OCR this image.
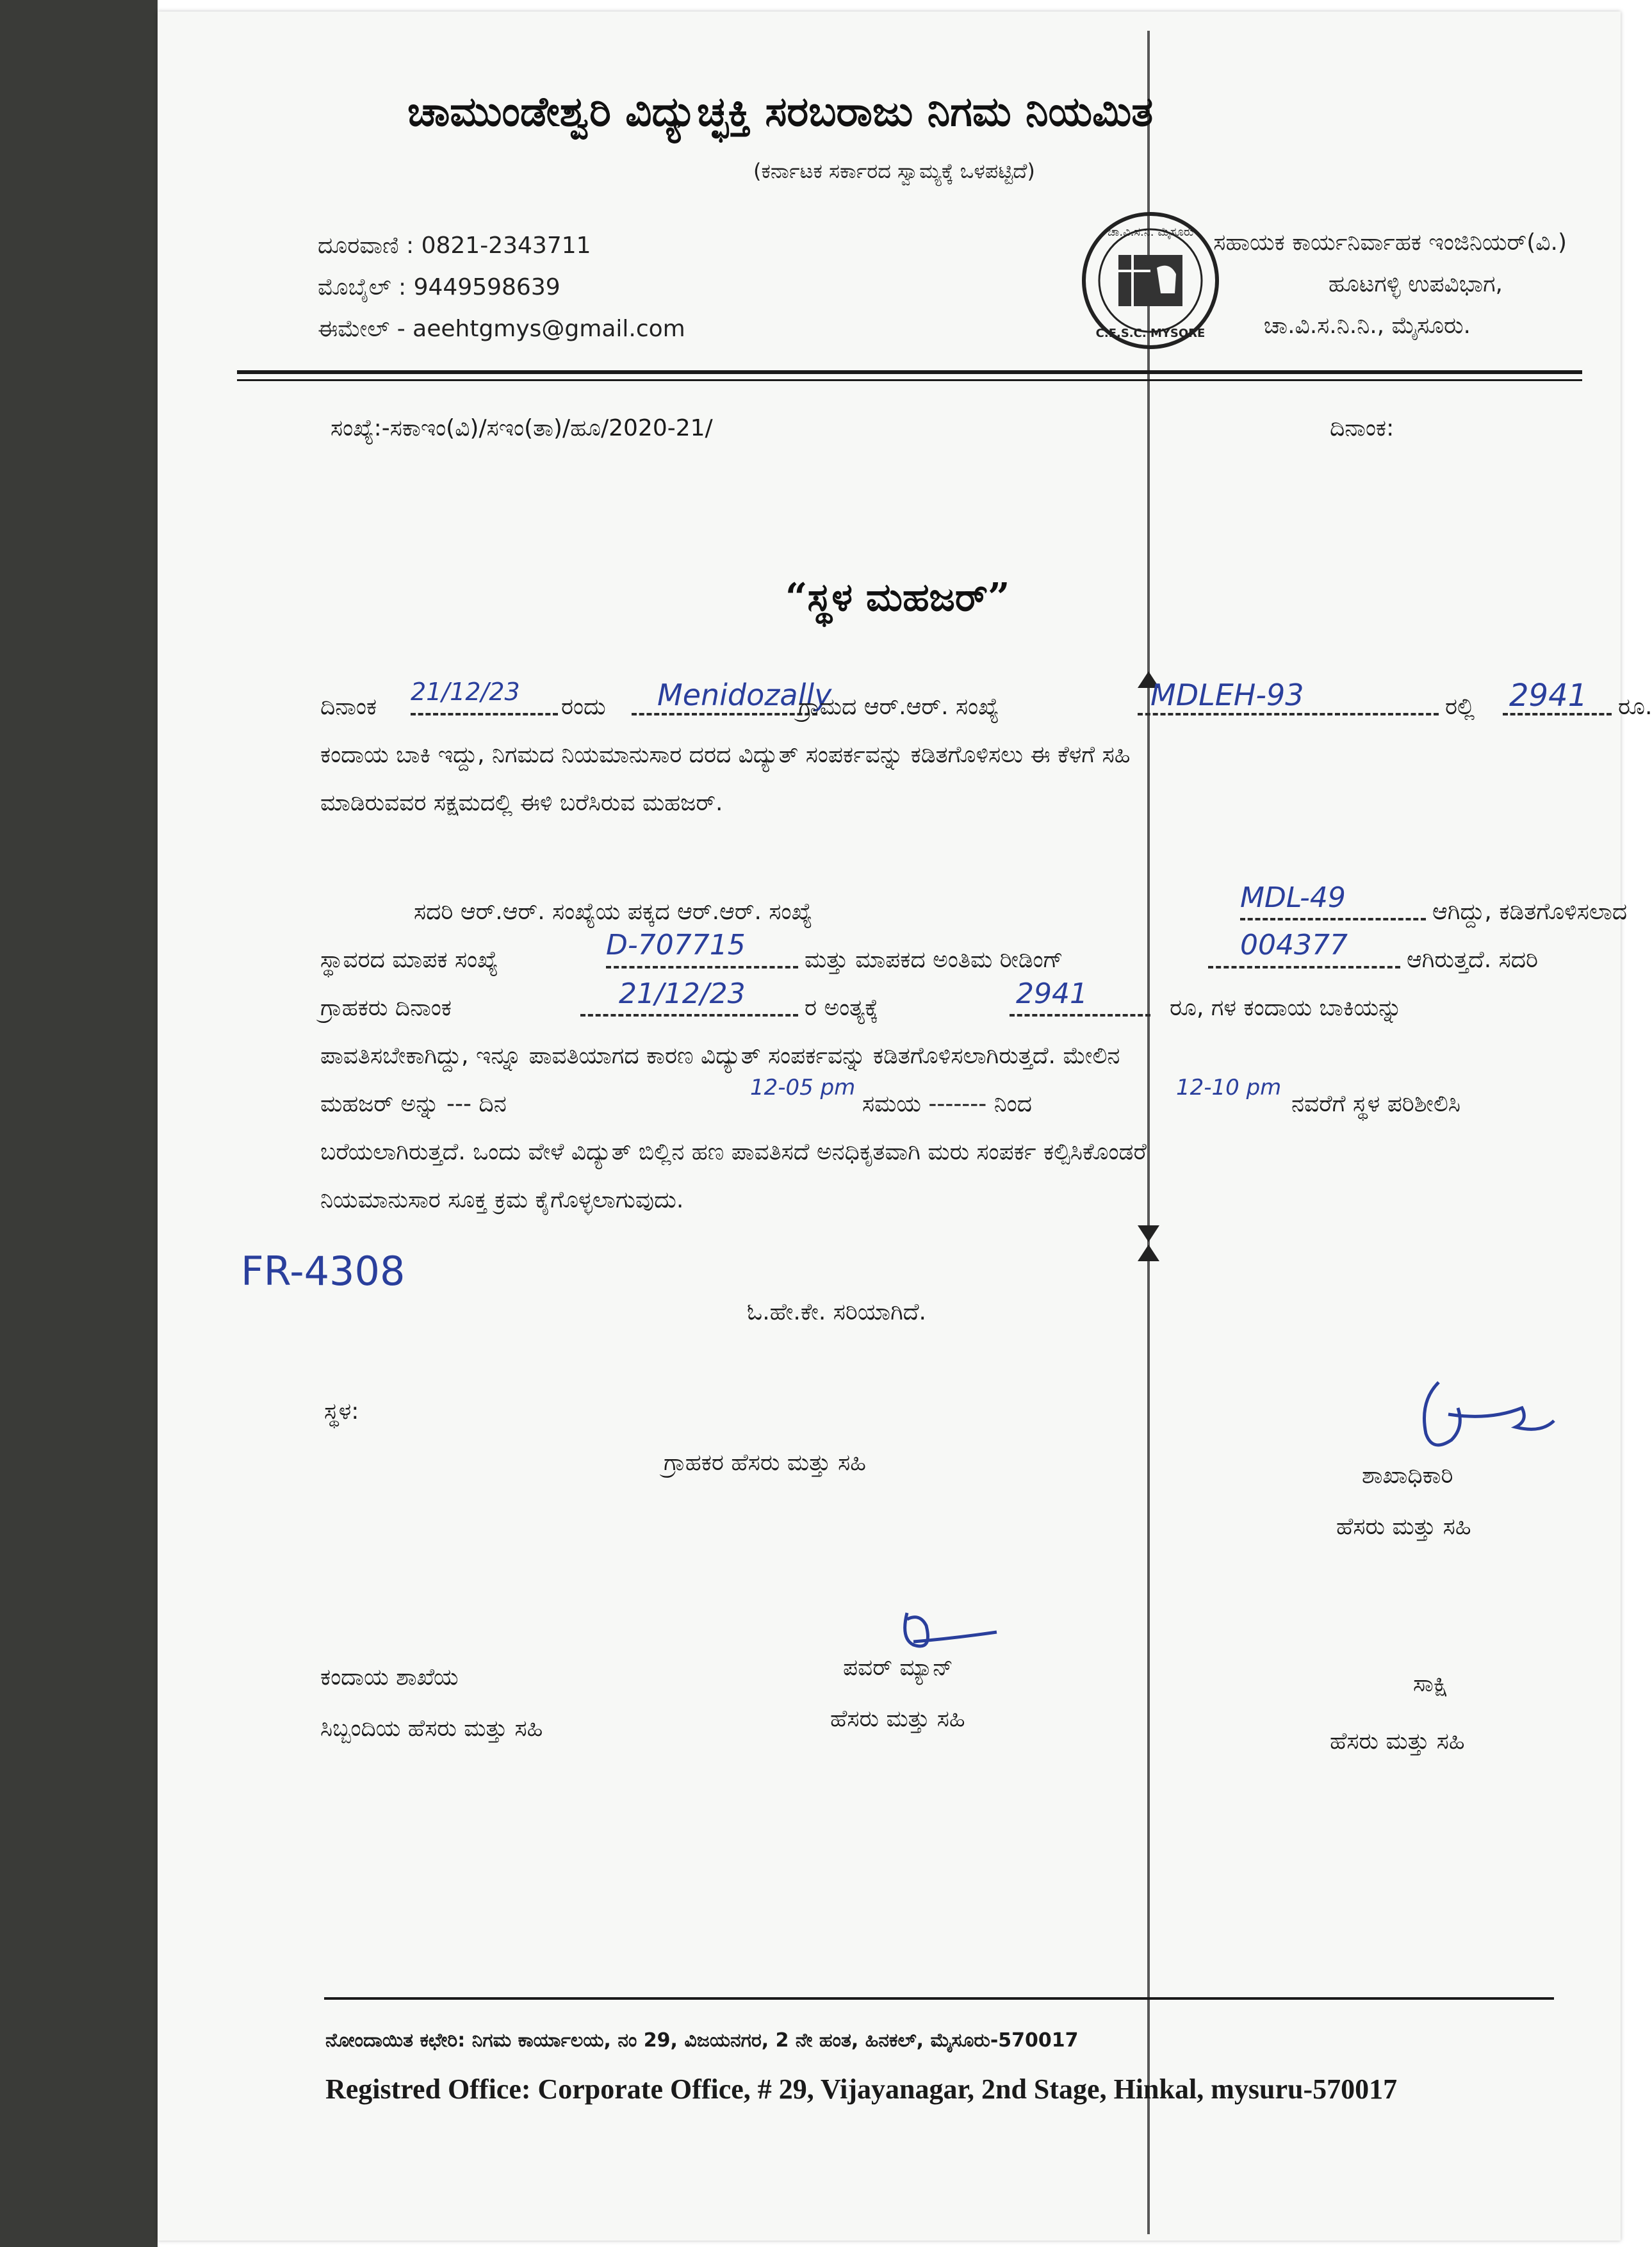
ಚಾಮುಂಡೇಶ್ವರಿ ವಿದ್ಯುಚ್ಛಕ್ತಿ ಸರಬರಾಜು ನಿಗಮ ನಿಯಮಿತ
(ಕರ್ನಾಟಕ ಸರ್ಕಾರದ ಸ್ವಾಮ್ಯಕ್ಕೆ ಒಳಪಟ್ಟಿದೆ)
ದೂರವಾಣಿ : 0821-2343711
ಮೊಬೈಲ್ : 9449598639
ಈಮೇಲ್ - aeehtgmys@gmail.com
ಚಾ.ವಿ.ಸ.ನಿ. ಮೈಸೂರು
C.E.S.C. MYSORE
ಸಹಾಯಕ ಕಾರ್ಯನಿರ್ವಾಹಕ ಇಂಜಿನಿಯರ್(ವಿ.)
ಹೂಟಗಳ್ಳಿ ಉಪವಿಭಾಗ,
ಚಾ.ವಿ.ಸ.ನಿ.ನಿ., ಮೈಸೂರು.
ಸಂಖ್ಯೆ:-ಸಕಾಇಂ(ವಿ)/ಸಇಂ(ತಾ)/ಹೂ/2020-21/	ದಿನಾಂಕ:
“ಸ್ಥಳ ಮಹಜರ್”
ದಿನಾಂಕ
21/12/23
ರಂದು Menidozally
ಗ್ರಾಮದ ಆರ್.ಆರ್. ಸಂಖ್ಯೆ	MDLEH-93	ರಲ್ಲಿ 2941 ರೂ.
ಕಂದಾಯ ಬಾಕಿ ಇದ್ದು, ನಿಗಮದ ನಿಯಮಾನುಸಾರ ದರದ ವಿದ್ಯುತ್ ಸಂಪರ್ಕವನ್ನು ಕಡಿತಗೊಳಿಸಲು ಈ ಕೆಳಗೆ ಸಹಿ
ಮಾಡಿರುವವರ ಸಕ್ಷಮದಲ್ಲಿ ಈಳಿ ಬರೆಸಿರುವ ಮಹಜರ್.
ಸದರಿ ಆರ್.ಆರ್. ಸಂಖ್ಯೆಯ ಪಕ್ಕದ ಆರ್.ಆರ್. ಸಂಖ್ಯೆ	MDL-49	ಆಗಿದ್ದು, ಕಡಿತಗೊಳಿಸಲಾದ
ಸ್ಥಾವರದ ಮಾಪಕ ಸಂಖ್ಯೆ	D-707715	ಮತ್ತು ಮಾಪಕದ ಅಂತಿಮ ರೀಡಿಂಗ್	004377	ಆಗಿರುತ್ತದೆ. ಸದರಿ
ಗ್ರಾಹಕರು ದಿನಾಂಕ	21/12/23	ರ ಅಂತ್ಯಕ್ಕೆ	2941	ರೂ, ಗಳ ಕಂದಾಯ ಬಾಕಿಯನ್ನು
ಪಾವತಿಸಬೇಕಾಗಿದ್ದು, ಇನ್ನೂ ಪಾವತಿಯಾಗದ ಕಾರಣ ವಿದ್ಯುತ್ ಸಂಪರ್ಕವನ್ನು ಕಡಿತಗೊಳಿಸಲಾಗಿರುತ್ತದೆ. ಮೇಲಿನ
ಮಹಜರ್ ಅನ್ನು --- ದಿನ
12-05 pm
ಸಮಯ ------- ನಿಂದ
12-10 pm
ನವರೆಗೆ ಸ್ಥಳ ಪರಿಶೀಲಿಸಿ
ಬರೆಯಲಾಗಿರುತ್ತದೆ. ಒಂದು ವೇಳೆ ವಿದ್ಯುತ್ ಬಿಲ್ಲಿನ ಹಣ ಪಾವತಿಸದೆ ಅನಧಿಕೃತವಾಗಿ ಮರು ಸಂಪರ್ಕ ಕಲ್ಪಿಸಿಕೊಂಡರೆ
ನಿಯಮಾನುಸಾರ ಸೂಕ್ತ ಕ್ರಮ ಕೈಗೊಳ್ಳಲಾಗುವುದು.
FR-4308
ಓ.ಹೇ.ಕೇ. ಸರಿಯಾಗಿದೆ.
ಸ್ಥಳ:
ಗ್ರಾಹಕರ ಹೆಸರು ಮತ್ತು ಸಹಿ	ಶಾಖಾಧಿಕಾರಿ
ಹೆಸರು ಮತ್ತು ಸಹಿ
ಕಂದಾಯ ಶಾಖೆಯ
ಸಿಬ್ಬಂದಿಯ ಹೆಸರು ಮತ್ತು ಸಹಿ
ಪವರ್ ಮ್ಯಾನ್
ಹೆಸರು ಮತ್ತು ಸಹಿ
ಸಾಕ್ಷಿ
ಹೆಸರು ಮತ್ತು ಸಹಿ
ನೋಂದಾಯಿತ ಕಛೇರಿ: ನಿಗಮ ಕಾರ್ಯಾಲಯ, ನಂ 29, ವಿಜಯನಗರ, 2 ನೇ ಹಂತ, ಹಿನಕಲ್, ಮೈಸೂರು-570017
Registred Office: Corporate Office, # 29, Vijayanagar, 2nd Stage, Hinkal, mysuru-570017
